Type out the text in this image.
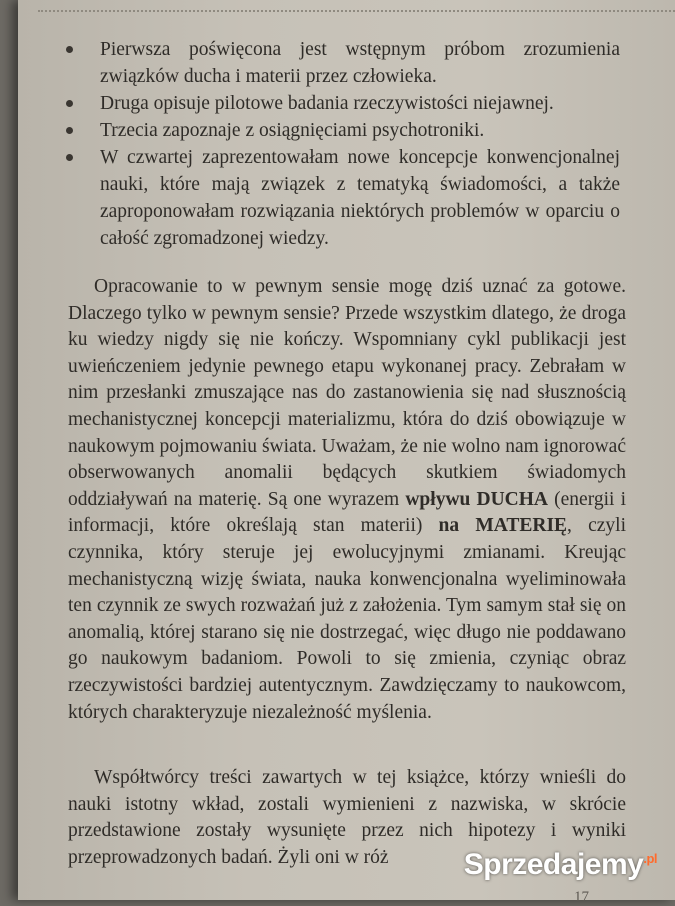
Pierwsza poświęcona jest wstępnym próbom zrozumienia związków ducha i materii przez człowieka.
Druga opisuje pilotowe badania rzeczywistości niejawnej.
Trzecia zapoznaje z osiągnięciami psychotroniki.
W czwartej zaprezentowałam nowe koncepcje konwencjonalnej nauki, które mają związek z tematyką świadomości, a także zaproponowałam rozwiązania niektórych problemów w oparciu o całość zgromadzonej wiedzy.

Opracowanie to w pewnym sensie mogę dziś uznać za gotowe. Dlaczego tylko w pewnym sensie? Przede wszystkim dlatego, że droga ku wiedzy nigdy się nie kończy. Wspomniany cykl publikacji jest uwieńczeniem jedynie pewnego etapu wykonanej pracy. Zebrałam w nim przesłanki zmuszające nas do zastanowienia się nad słusznością mechanistycznej koncepcji materializmu, która do dziś obowiązuje w naukowym pojmowaniu świata. Uważam, że nie wolno nam ignorować obserwowanych anomalii będących skutkiem świadomych oddziaływań na materię. Są one wyrazem wpływu DUCHA (energii i informacji, które określają stan materii) na MATERIĘ, czyli czynnika, który steruje jej ewolucyjnymi zmianami. Kreując mechanistyczną wizję świata, nauka konwencjonalna wyeliminowała ten czynnik ze swych rozważań już z założenia. Tym samym stał się on anomalią, której starano się nie dostrzegać, więc długo nie poddawano go naukowym badaniom. Powoli to się zmienia, czyniąc obraz rzeczywistości bardziej autentycznym. Zawdzięczamy to naukowcom, których charakteryzuje niezależność myślenia.

Współtwórcy treści zawartych w tej książce, którzy wnieśli do nauki istotny wkład, zostali wymienieni z nazwiska, w skrócie przedstawione zostały wysunięte przez nich hipotezy i wyniki przeprowadzonych badań. Żyli oni w róż

17
Sprzedajemy$^{.pl}$
